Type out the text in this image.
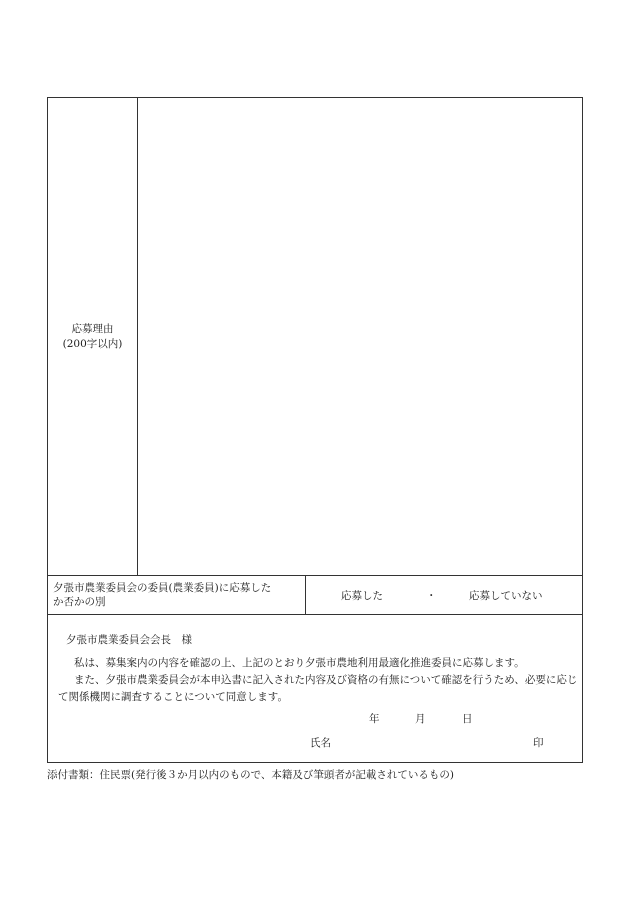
応募理由
(200字以内)
夕張市農業委員会の委員(農業委員)に応募した
か否かの別	応募した	・	応募していない
夕張市農業委員会会長　様
私は、募集案内の内容を確認の上、上記のとおり夕張市農地利用最適化推進委員に応募します。
また、夕張市農業委員会が本申込書に記入された内容及び資格の有無について確認を行うため、必要に応じて関係機関に調査することについて同意します。
年	月	日
氏名	印
添付書類：住民票(発行後３か月以内のもので、本籍及び筆頭者が記載されているもの)
